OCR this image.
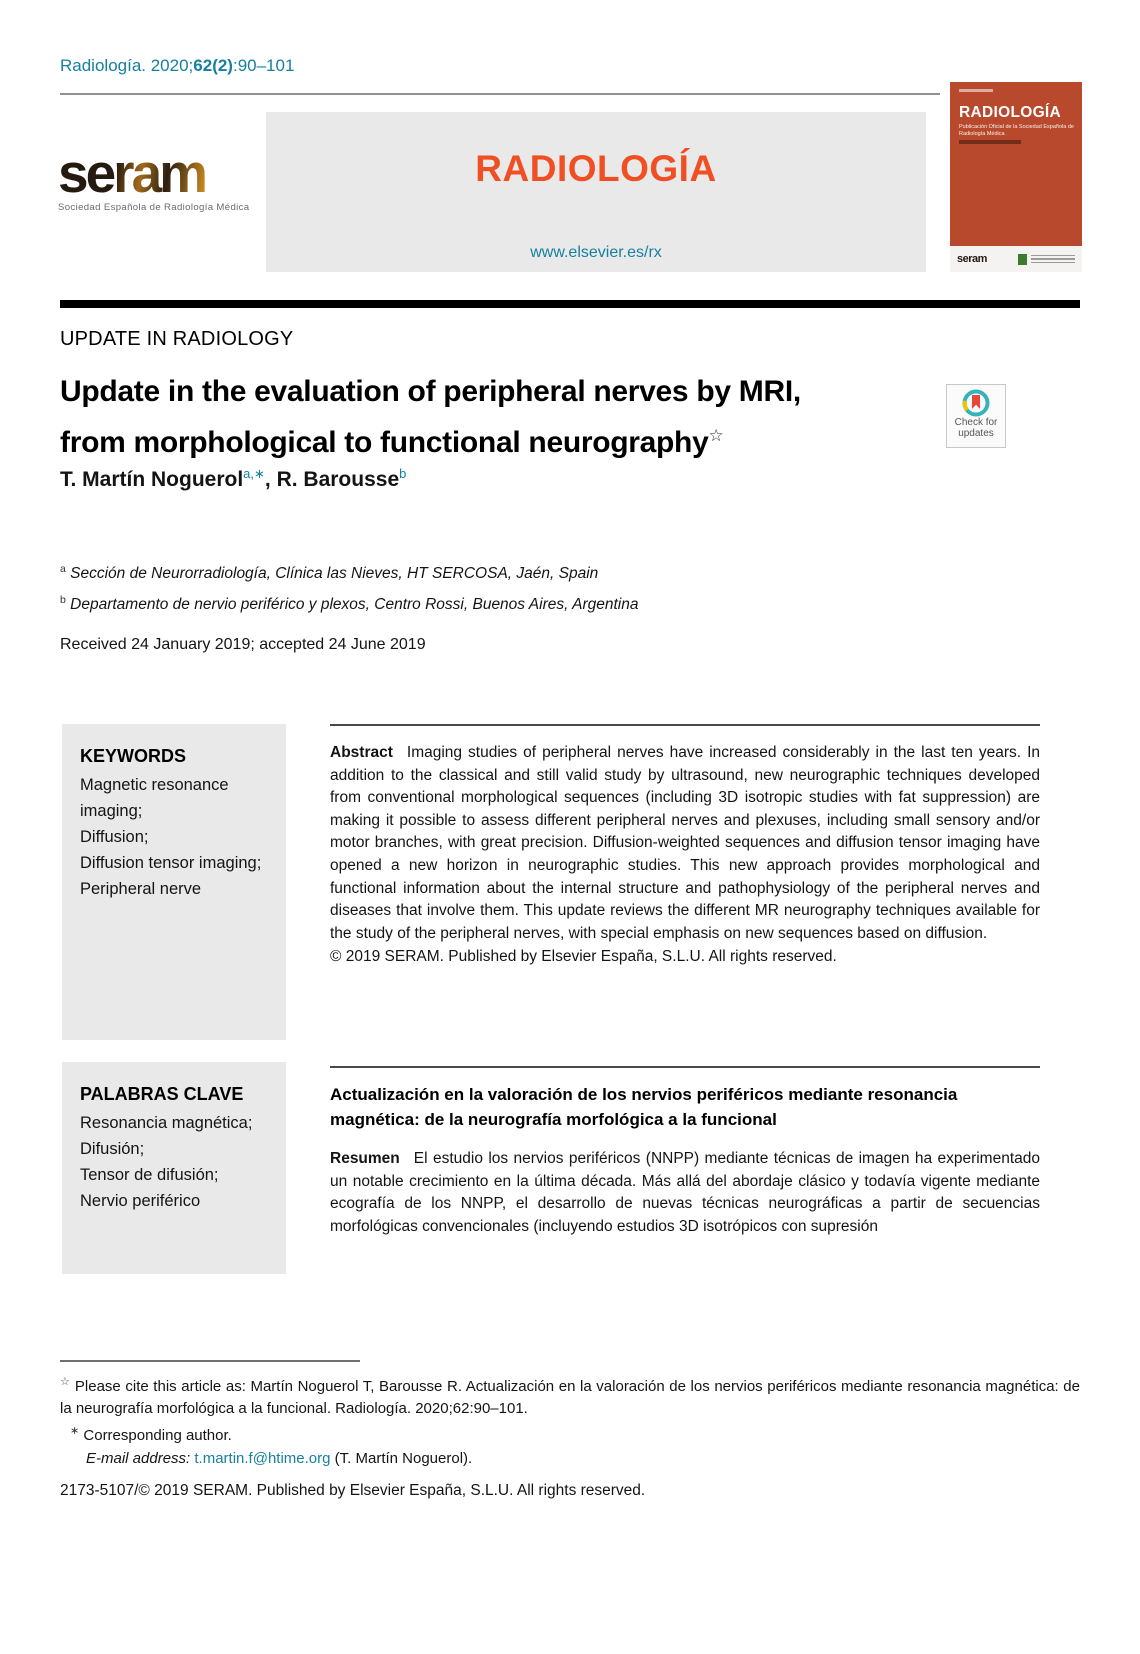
Radiología. 2020;62(2):90–101
seram
Sociedad Española de Radiología Médica
RADIOLOGÍA
www.elsevier.es/rx
RADIOLOGÍA
Publicación Oficial de la Sociedad Española de Radiología Médica
seram
UPDATE IN RADIOLOGY
Update in the evaluation of peripheral nerves by MRI,
from morphological to functional neurography☆
Check for
updates
T. Martín Noguerol$^{a,∗}$, R. Barousse$^b$
$^a$ Sección de Neurorradiología, Clínica las Nieves, HT SERCOSA, Jaén, Spain
$^b$ Departamento de nervio periférico y plexos, Centro Rossi, Buenos Aires, Argentina
Received 24 January 2019; accepted 24 June 2019
KEYWORDS
Magnetic resonance imaging;
Diffusion;
Diffusion tensor imaging;
Peripheral nerve
Abstract Imaging studies of peripheral nerves have increased considerably in the last ten years. In addition to the classical and still valid study by ultrasound, new neurographic techniques developed from conventional morphological sequences (including 3D isotropic studies with fat suppression) are making it possible to assess different peripheral nerves and plexuses, including small sensory and/or motor branches, with great precision. Diffusion-weighted sequences and diffusion tensor imaging have opened a new horizon in neurographic studies. This new approach provides morphological and functional information about the internal structure and pathophysiology of the peripheral nerves and diseases that involve them. This update reviews the different MR neurography techniques available for the study of the peripheral nerves, with special emphasis on new sequences based on diffusion.
© 2019 SERAM. Published by Elsevier España, S.L.U. All rights reserved.
PALABRAS CLAVE
Resonancia magnética;
Difusión;
Tensor de difusión;
Nervio periférico
Actualización en la valoración de los nervios periféricos mediante resonancia magnética: de la neurografía morfológica a la funcional
Resumen El estudio los nervios periféricos (NNPP) mediante técnicas de imagen ha experimentado un notable crecimiento en la última década. Más allá del abordaje clásico y todavía vigente mediante ecografía de los NNPP, el desarrollo de nuevas técnicas neurográficas a partir de secuencias morfológicas convencionales (incluyendo estudios 3D isotrópicos con supresión
☆ Please cite this article as: Martín Noguerol T, Barousse R. Actualización en la valoración de los nervios periféricos mediante resonancia magnética: de la neurografía morfológica a la funcional. Radiología. 2020;62:90–101.
∗ Corresponding author.
E-mail address: t.martin.f@htime.org (T. Martín Noguerol).
2173-5107/© 2019 SERAM. Published by Elsevier España, S.L.U. All rights reserved.
